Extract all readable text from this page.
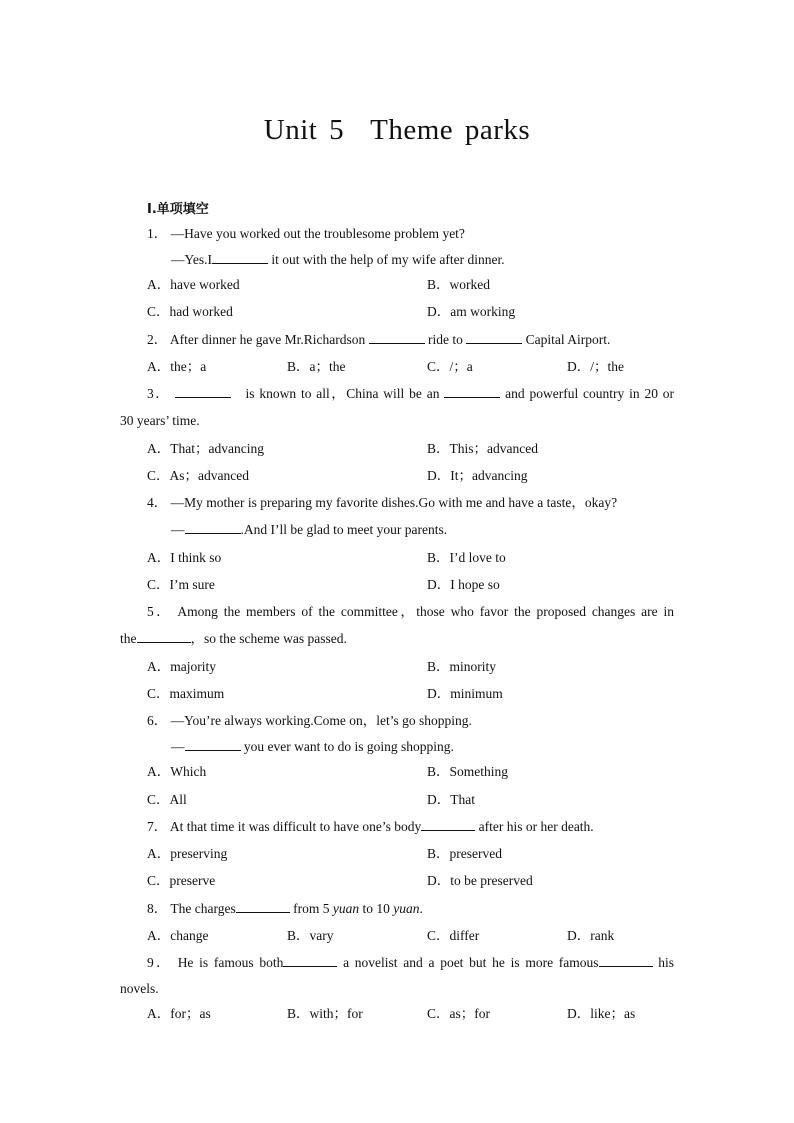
Unit 5 Theme parks
Ⅰ.单项填空
1． —Have you worked out the troublesome problem yet?
—Yes.I	it out with the help of my wife after dinner.
A．have worked	B．worked
C．had worked	D．am working
2． After dinner he gave Mr.Richardson	ride to	Capital Airport.
A．the；a	B．a；the	C．/；a	D．/；the
3．	is known to all，China will be an	and powerful country in 20 or
30 years’ time.
A．That；advancing	B．This；advanced
C．As；advanced	D．It；advancing
4． —My mother is preparing my favorite dishes.Go with me and have a taste，okay?
—	.And I’ll be glad to meet your parents.
A．I think so	B．I’d love to
C．I’m sure	D．I hope so
5． Among the members of the committee，those who favor the proposed changes are in
the	，so the scheme was passed.
A．majority	B．minority
C．maximum	D．minimum
6． —You’re always working.Come on，let’s go shopping.
—	you ever want to do is going shopping.
A．Which	B．Something
C．All	D．That
7． At that time it was difficult to have one’s body	after his or her death.
A．preserving	B．preserved
C．preserve	D．to be preserved
8． The charges	from 5 yuan to 10 yuan.
A．change	B．vary	C．differ	D．rank
9． He is famous both	a novelist and a poet but he is more famous	his
novels.
A．for；as	B．with；for	C．as；for	D．like；as
